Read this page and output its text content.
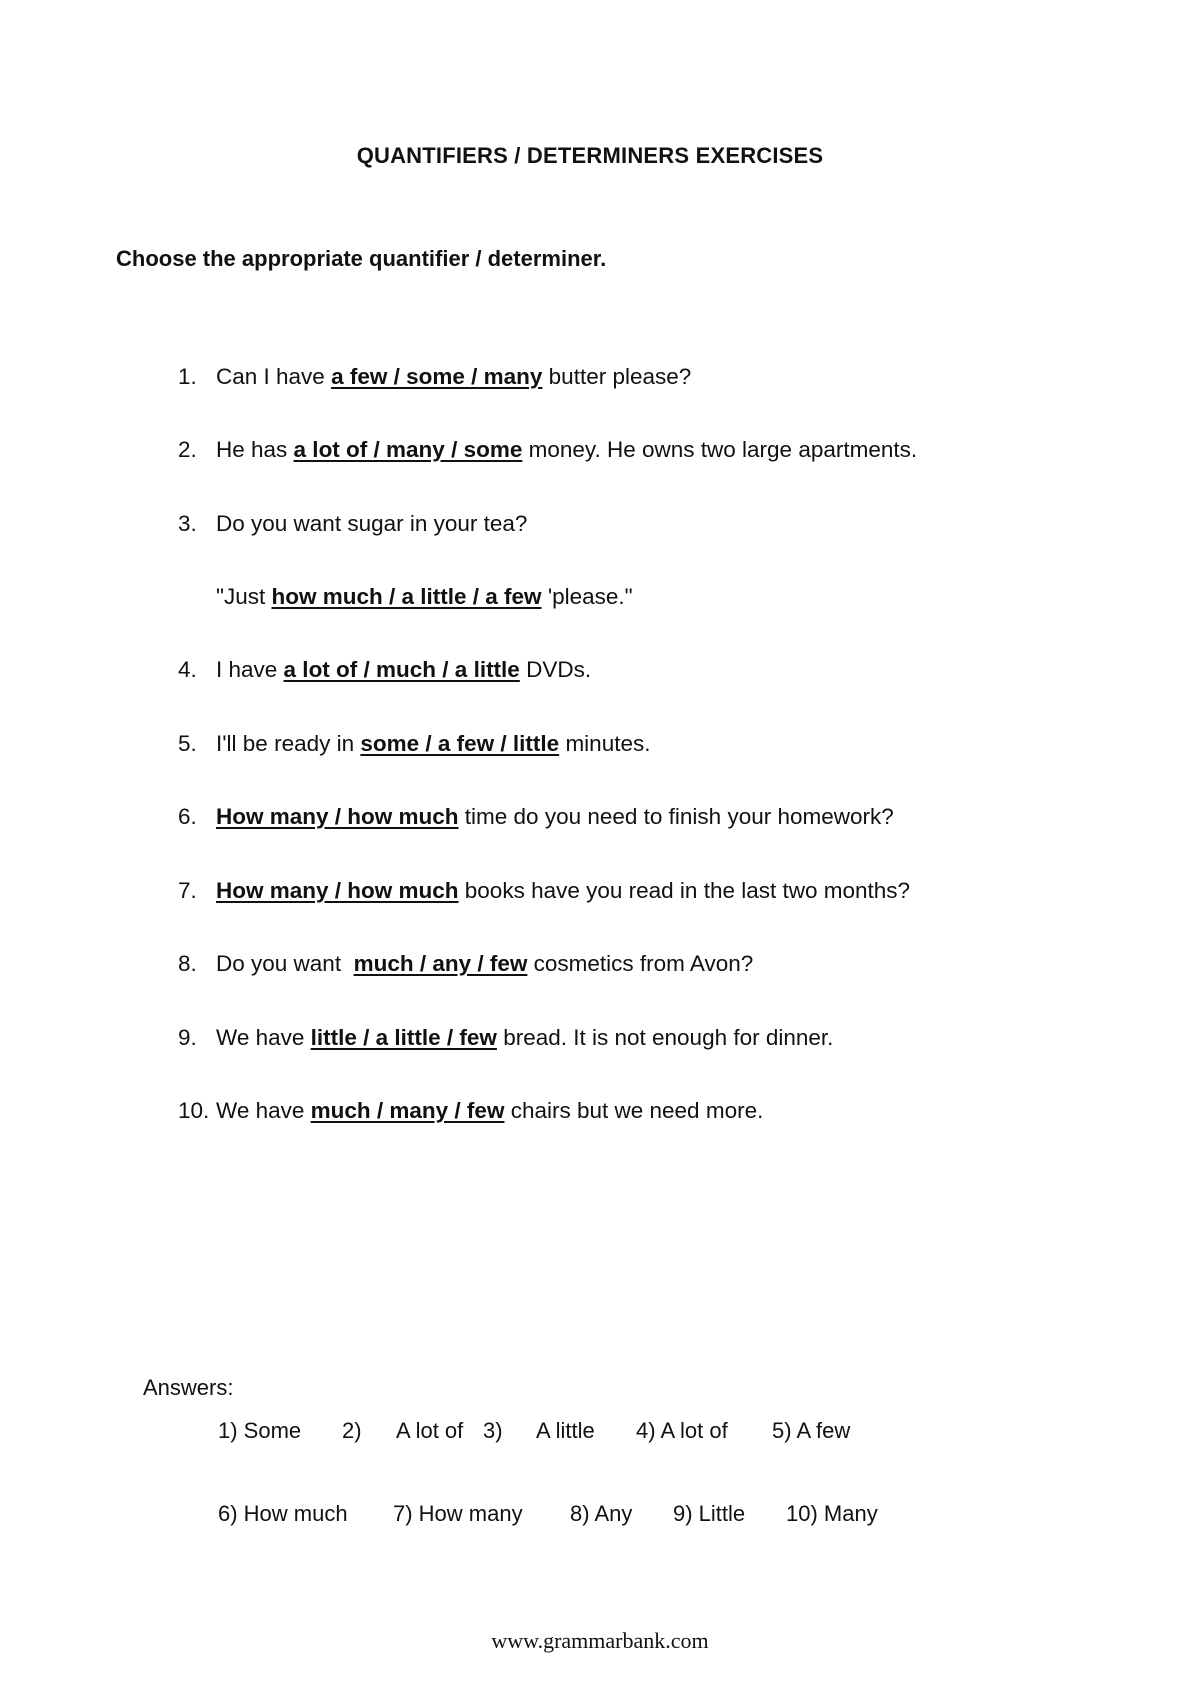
QUANTIFIERS / DETERMINERS EXERCISES
Choose the appropriate quantifier / determiner.
1. Can I have a few / some / many butter please?
2. He has a lot of / many / some money. He owns two large apartments.
3. Do you want sugar in your tea?
"Just how much / a little / a few 'please."
4. I have a lot of / much / a little DVDs.
5. I'll be ready in some / a few / little minutes.
6. How many / how much time do you need to finish your homework?
7. How many / how much books have you read in the last two months?
8. Do you want  much / any / few cosmetics from Avon?
9. We have little / a little / few bread. It is not enough for dinner.
10. We have much / many / few chairs but we need more.
Answers:
1) Some 2) A lot of 3) A little 4) A lot of 5) A few
6) How much 7) How many 8) Any 9) Little 10) Many
www.grammarbank.com
